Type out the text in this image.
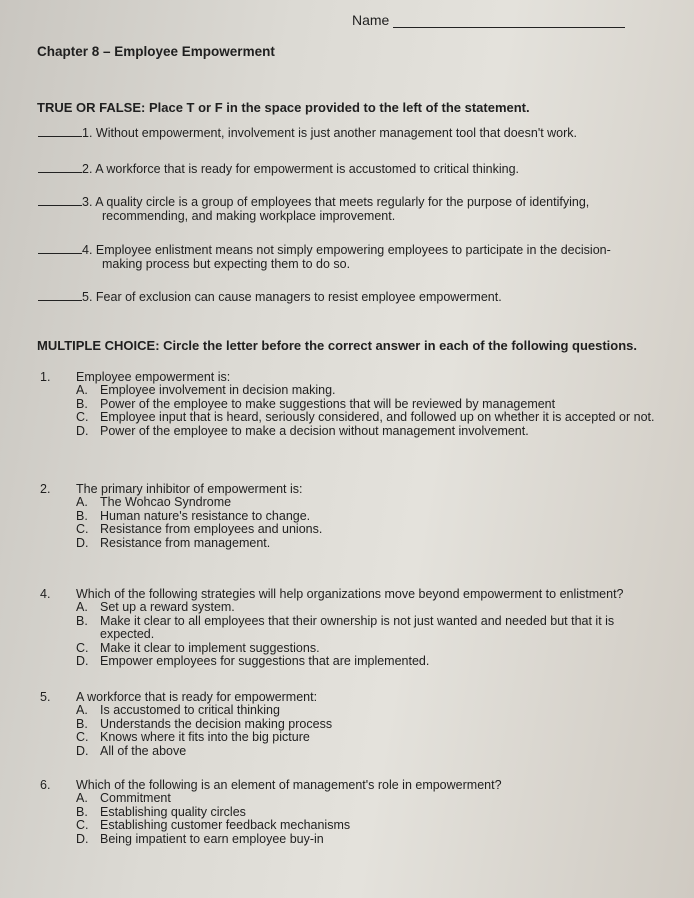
Name
Chapter 8 – Employee Empowerment
TRUE OR FALSE: Place T or F in the space provided to the left of the statement.
1. Without empowerment, involvement is just another management tool that doesn't work.
2. A workforce that is ready for empowerment is accustomed to critical thinking.
3. A quality circle is a group of employees that meets regularly for the purpose of identifying,
recommending, and making workplace improvement.
4. Employee enlistment means not simply empowering employees to participate in the decision-
making process but expecting them to do so.
5. Fear of exclusion can cause managers to resist employee empowerment.
MULTIPLE CHOICE: Circle the letter before the correct answer in each of the following questions.
1. Employee empowerment is:
A. Employee involvement in decision making.
B. Power of the employee to make suggestions that will be reviewed by management
C. Employee input that is heard, seriously considered, and followed up on whether it is accepted or not.
D. Power of the employee to make a decision without management involvement.
2. The primary inhibitor of empowerment is:
A. The Wohcao Syndrome
B. Human nature's resistance to change.
C. Resistance from employees and unions.
D. Resistance from management.
4. Which of the following strategies will help organizations move beyond empowerment to enlistment?
A. Set up a reward system.
B. Make it clear to all employees that their ownership is not just wanted and needed but that it is expected.
C. Make it clear to implement suggestions.
D. Empower employees for suggestions that are implemented.
5. A workforce that is ready for empowerment:
A. Is accustomed to critical thinking
B. Understands the decision making process
C. Knows where it fits into the big picture
D. All of the above
6. Which of the following is an element of management's role in empowerment?
A. Commitment
B. Establishing quality circles
C. Establishing customer feedback mechanisms
D. Being impatient to earn employee buy-in
